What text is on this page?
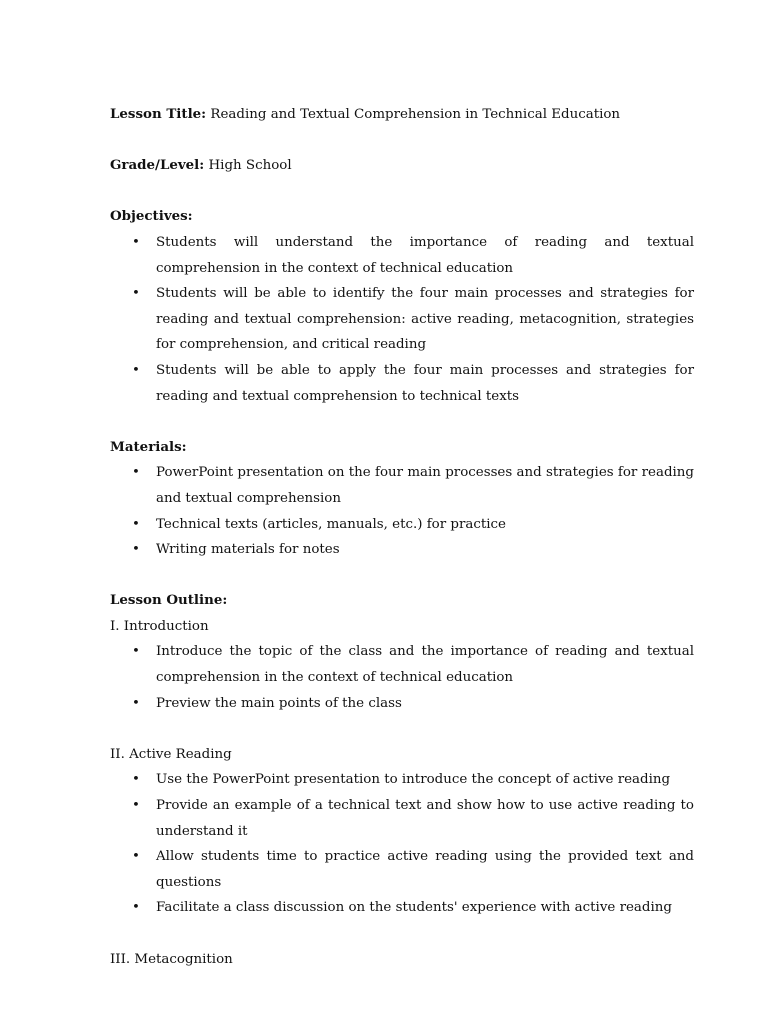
Lesson Title: Reading and Textual Comprehension in Technical Education

Grade/Level: High School

Objectives:

• Students will understand the importance of reading and textual comprehension in the context of technical education
• Students will be able to identify the four main processes and strategies for reading and textual comprehension: active reading, metacognition, strategies for comprehension, and critical reading
• Students will be able to apply the four main processes and strategies for reading and textual comprehension to technical texts

Materials:

• PowerPoint presentation on the four main processes and strategies for reading and textual comprehension
• Technical texts (articles, manuals, etc.) for practice
• Writing materials for notes

Lesson Outline:

I. Introduction

• Introduce the topic of the class and the importance of reading and textual comprehension in the context of technical education
• Preview the main points of the class

II. Active Reading

• Use the PowerPoint presentation to introduce the concept of active reading
• Provide an example of a technical text and show how to use active reading to understand it
• Allow students time to practice active reading using the provided text and questions
• Facilitate a class discussion on the students' experience with active reading

III. Metacognition
